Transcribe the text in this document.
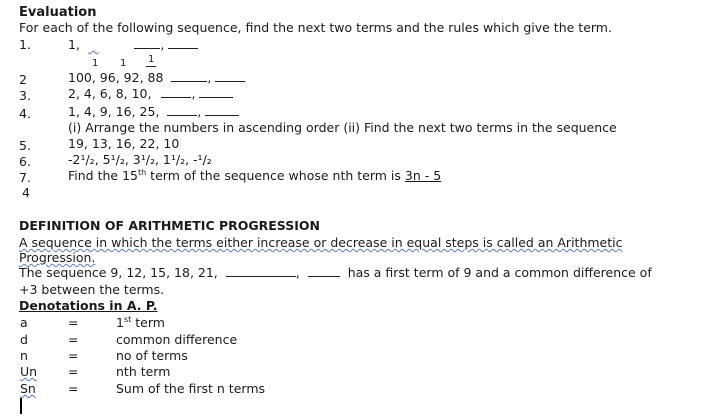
Evaluation
For each of the following sequence, find the next two terms and the rules which give the term.
1.	1,	,
1 1 1
2	100, 96, 92, 88	,
3.	2, 4, 6, 8, 10,	,
4.	1, 4, 9, 16, 25,	,
(i) Arrange the numbers in ascending order (ii) Find the next two terms in the sequence
5.	19, 13, 16, 22, 10
6.	-2¹/₂, 5¹/₂, 3¹/₂, 1¹/₂, -¹/₂
7.	Find the 15th term of the sequence whose nth term is 3n - 5
4
DEFINITION OF ARITHMETIC PROGRESSION
A sequence in which the terms either increase or decrease in equal steps is called an Arithmetic
Progression.
The sequence 9, 12, 15, 18, 21,	,	has a first term of 9 and a common difference of
+3 between the terms.
Denotations in A. P.
a	=	1st term
d	=	common difference
n	=	no of terms
Un =	nth term
Sn	=	Sum of the first n terms
